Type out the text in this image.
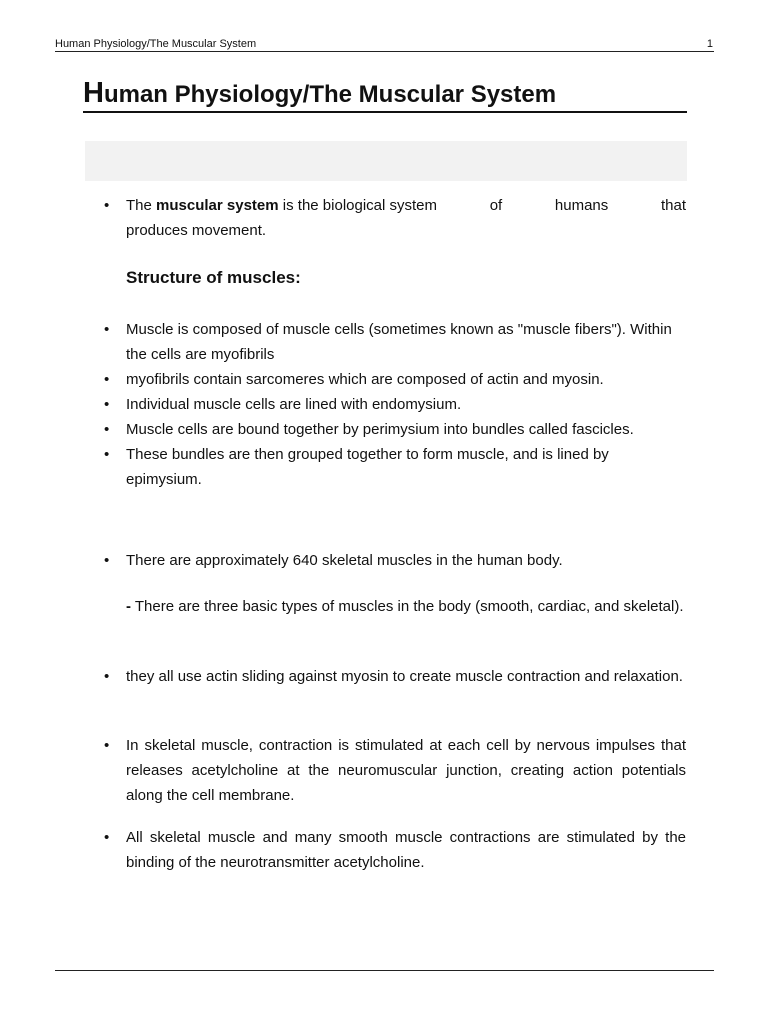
Human Physiology/The Muscular System	1
Human Physiology/The Muscular System
• The muscular system is the biological system	of	humans	that
produces movement.
Structure of muscles:
• Muscle is composed of muscle cells (sometimes known as "muscle fibers"). Within the cells are myofibrils
• myofibrils contain sarcomeres which are composed of actin and myosin.
• Individual muscle cells are lined with endomysium.
• Muscle cells are bound together by perimysium into bundles called fascicles.
• These bundles are then grouped together to form muscle, and is lined by epimysium.
• There are approximately 640 skeletal muscles in the human body.

- There are three basic types of muscles in the body (smooth, cardiac, and skeletal).

• they all use actin sliding against myosin to create muscle contraction and relaxation.
• In skeletal muscle, contraction is stimulated at each cell by nervous impulses that releases acetylcholine at the neuromuscular junction, creating action potentials along the cell membrane.
• All skeletal muscle and many smooth muscle contractions are stimulated by the binding of the neurotransmitter acetylcholine.
